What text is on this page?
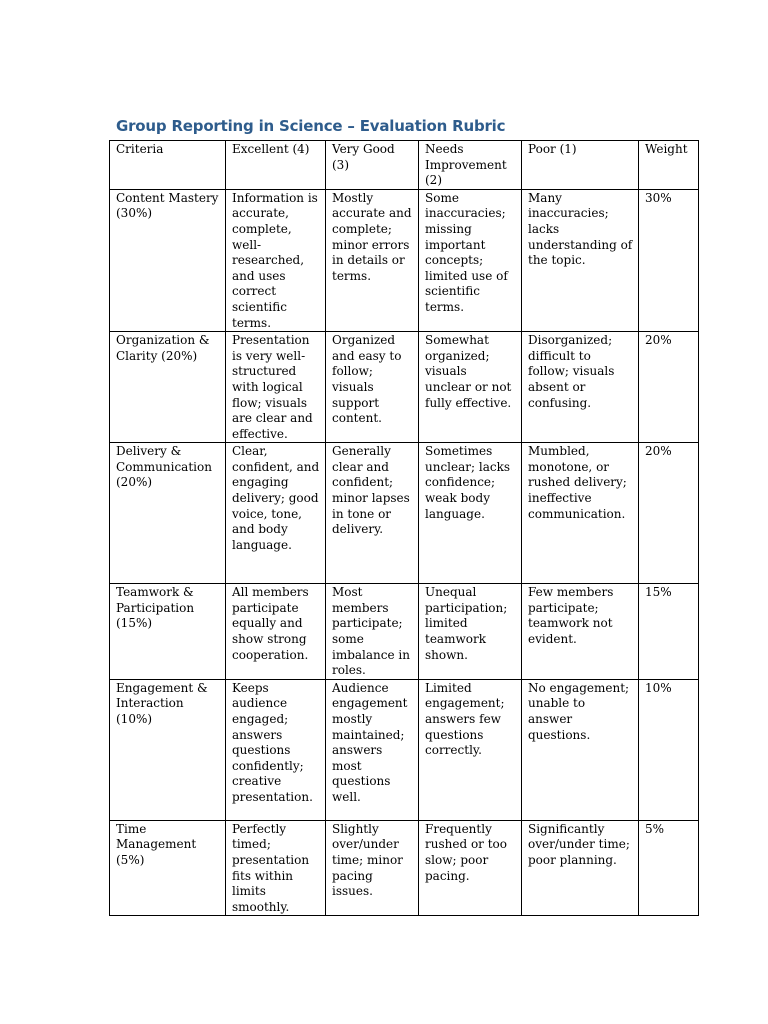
Group Reporting in Science – Evaluation Rubric
Criteria	Excellent (4)	Very Good (3)	Needs Improvement (2)	Poor (1)	Weight
Content Mastery (30%)	Information is accurate, complete, well-researched, and uses correct scientific terms.	Mostly accurate and complete; minor errors in details or terms.	Some inaccuracies; missing important concepts; limited use of scientific terms.	Many inaccuracies; lacks understanding of the topic.	30%
Organization & Clarity (20%)	Presentation is very well-structured with logical flow; visuals are clear and effective.	Organized and easy to follow; visuals support content.	Somewhat organized; visuals unclear or not fully effective.	Disorganized; difficult to follow; visuals absent or confusing.	20%
Delivery & Communication (20%)	Clear, confident, and engaging delivery; good voice, tone, and body language.	Generally clear and confident; minor lapses in tone or delivery.	Sometimes unclear; lacks confidence; weak body language.	Mumbled, monotone, or rushed delivery; ineffective communication.	20%
Teamwork & Participation (15%)	All members participate equally and show strong cooperation.	Most members participate; some imbalance in roles.	Unequal participation; limited teamwork shown.	Few members participate; teamwork not evident.	15%
Engagement & Interaction (10%)	Keeps audience engaged; answers questions confidently; creative presentation.	Audience engagement mostly maintained; answers most questions well.	Limited engagement; answers few questions correctly.	No engagement; unable to answer questions.	10%
Time Management (5%)	Perfectly timed; presentation fits within limits smoothly.	Slightly over/under time; minor pacing issues.	Frequently rushed or too slow; poor pacing.	Significantly over/under time; poor planning.	5%
